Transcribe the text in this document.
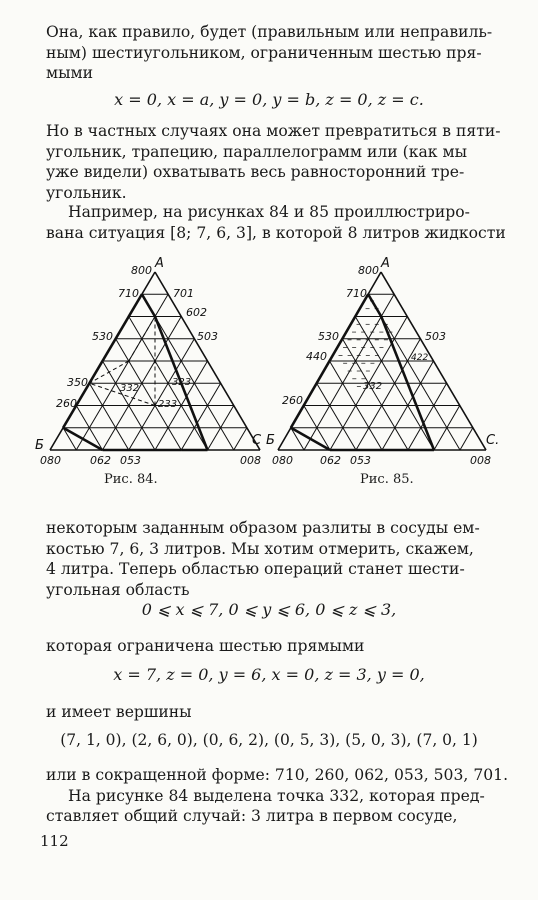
Она, как правило, будет (правильным или неправиль-
ным) шестиугольником, ограниченным шестью пря-
мыми
x = 0, x = a, y = 0, y = b, z = 0, z = c.
Но в частных случаях она может превратиться в пяти-
угольник, трапецию, параллелограмм или (как мы
уже видели) охватывать весь равносторонний тре-
угольник.
Например, на рисунках 84 и 85 проиллюстриро-
вана ситуация [8; 7, 6, 3], в которой 8 литров жидкости
800 A
710	701
602
530	503
350
260
332
323
233
Б
080
C
008
062 053
800 A
710
530	503
440	422
260
332
Б
080
C.
008
062 053
Рис. 84.	Рис. 85.
некоторым заданным образом разлиты в сосуды ем-
костью 7, 6, 3 литров. Мы хотим отмерить, скажем,
4 литра. Теперь областью операций станет шести-
угольная область
0 ⩽ x ⩽ 7, 0 ⩽ y ⩽ 6, 0 ⩽ z ⩽ 3,
которая ограничена шестью прямыми
x = 7, z = 0, y = 6, x = 0, z = 3, y = 0,
и имеет вершины
(7, 1, 0), (2, 6, 0), (0, 6, 2), (0, 5, 3), (5, 0, 3), (7, 0, 1)
или в сокращенной форме: 710, 260, 062, 053, 503, 701.
На рисунке 84 выделена точка 332, которая пред-
ставляет общий случай: 3 литра в первом сосуде,
112
